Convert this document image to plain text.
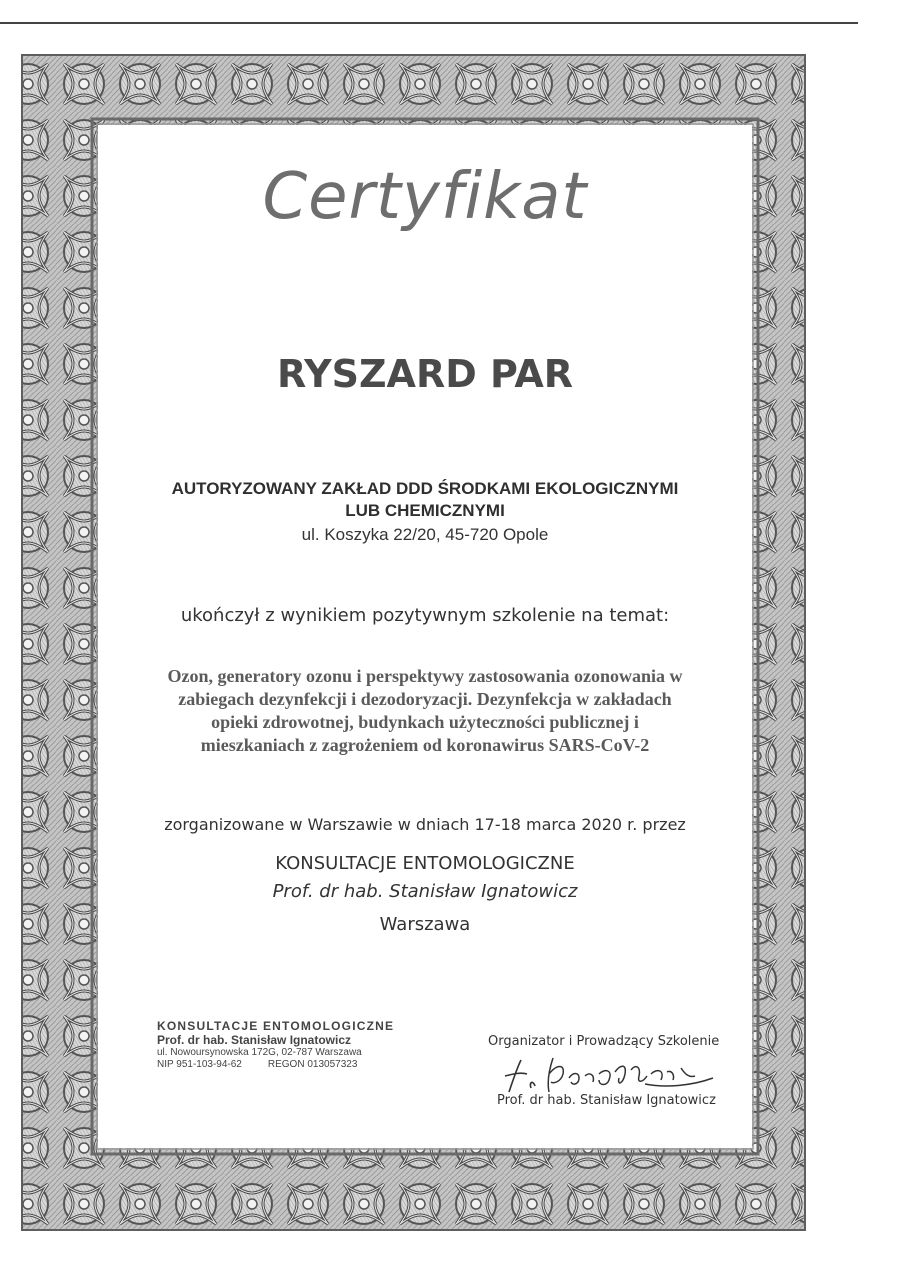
Certyfikat
RYSZARD PAR
AUTORYZOWANY ZAKŁAD DDD ŚRODKAMI EKOLOGICZNYMI
LUB CHEMICZNYMI
ul. Koszyka 22/20, 45-720 Opole
ukończył z wynikiem pozytywnym szkolenie na temat:
Ozon, generatory ozonu i perspektywy zastosowania ozonowania w
zabiegach dezynfekcji i dezodoryzacji. Dezynfekcja w zakładach
opieki zdrowotnej, budynkach użyteczności publicznej i
mieszkaniach z zagrożeniem od koronawirus SARS-CoV-2
zorganizowane w Warszawie w dniach 17-18 marca 2020 r. przez
KONSULTACJE ENTOMOLOGICZNE
Prof. dr hab. Stanisław Ignatowicz
Warszawa
KONSULTACJE ENTOMOLOGICZNE
Prof. dr hab. Stanisław Ignatowicz
ul. Nowoursynowska 172G, 02-787 Warszawa
NIP 951-103-94-62	REGON 013057323
Organizator i Prowadzący Szkolenie
Prof. dr hab. Stanisław Ignatowicz
